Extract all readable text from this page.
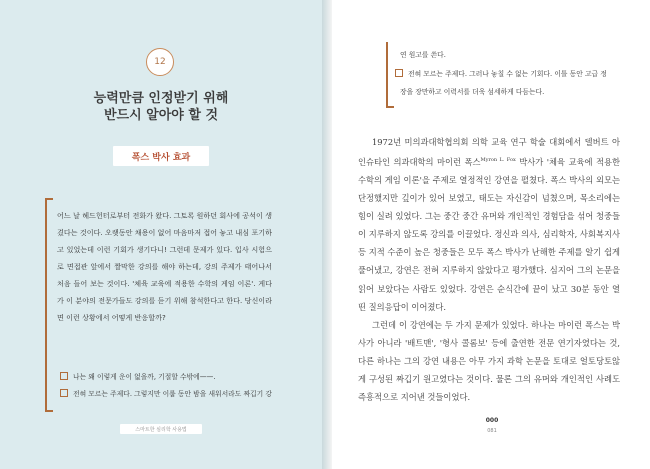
12
능력만큼 인정받기 위해
반드시 알아야 할 것
폭스 박사 효과
어느 날 헤드헌터로부터 전화가 왔다. 그토록 원하던 회사에 공석이 생겼다는 것이다. 오랫동안 채용이 없어 마음마저 접어 놓고 내심 포기하고 있었는데 이런 기회가 생기다니! 그런데 문제가 있다. 입사 시험으로 면접관 앞에서 짤막한 강의를 해야 하는데, 강의 주제가 태어나서 처음 들어 보는 것이다. '체육 교육에 적용한 수학의 게임 이론'. 게다가 이 분야의 전문가들도 강의를 듣기 위해 참석한다고 한다. 당신이라면 이런 상황에서 어떻게 반응할까?
나는 왜 이렇게 운이 없을까, 기절할 수밖에——.
전혀 모르는 주제다. 그렇지만 이룹 동안 밤을 새워서라도 짜깁기 강
스마트한 심리학 사용법
연 원고를 쓴다.
전혀 모르는 주제다. 그러나 놓칠 수 없는 기회다. 이틀 동안 고급 정
장을 장만하고 이력서를 더욱 섬세하게 다듬는다.

1972년 미의과대학협의회 의학 교육 연구 학술 대회에서 델버트 아인슈타인 의과대학의 마이런 폭스$^{Myron L. Fox}$ 박사가 '체육 교육에 적용한 수학의 게임 이론'을 주제로 열정적인 강연을 펼쳤다. 폭스 박사의 외모는 단정했지만 깊이가 있어 보였고, 태도는 자신감이 넘쳤으며, 목소리에는 힘이 실려 있었다. 그는 중간 중간 유머와 개인적인 경험담을 섞어 청중들이 지루하지 않도록 강의를 이끌었다. 정신과 의사, 심리학자, 사회복지사 등 지적 수준이 높은 청중들은 모두 폭스 박사가 난해한 주제를 알기 쉽게 풀어냈고, 강연은 전혀 지루하지 않았다고 평가했다. 심지어 그의 논문을 읽어 보았다는 사람도 있었다. 강연은 순식간에 끝이 났고 30분 동안 열띤 질의응답이 이어졌다.

그런데 이 강연에는 두 가지 문제가 있었다. 하나는 마이런 폭스는 박사가 아니라 '배트맨', '형사 콜롬보' 등에 출연한 전문 연기자였다는 것, 다른 하나는 그의 강연 내용은 아무 가지 과학 논문을 토대로 얼토당토않게 구성된 짜깁기 원고였다는 것이다. 물론 그의 유머와 개인적인 사례도 즉흥적으로 지어낸 것들이었다.

000
081
